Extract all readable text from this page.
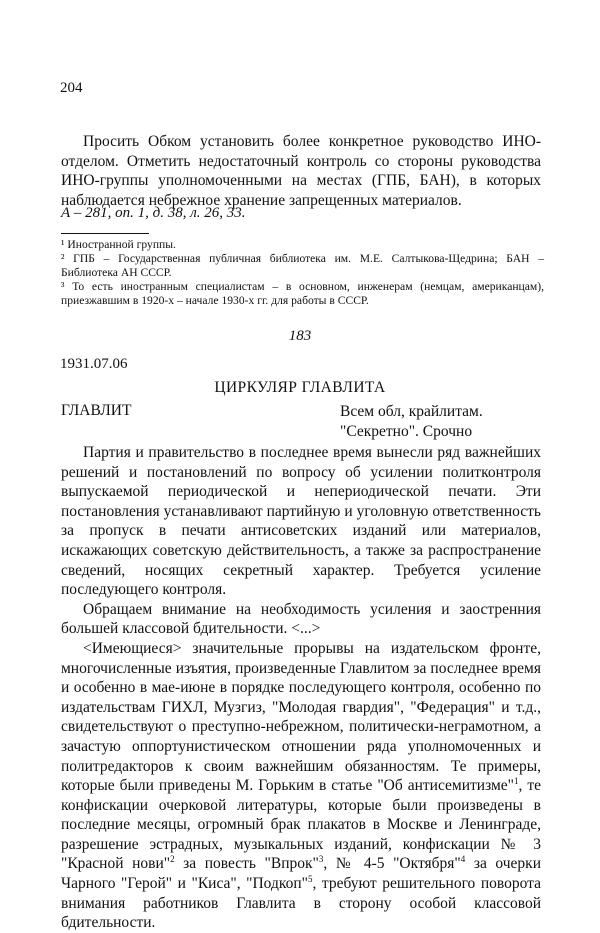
204
Просить Обком установить более конкретное руководство ИНО-отделом. Отметить недостаточный контроль со стороны руководства ИНО-группы уполномоченными на местах (ГПБ, БАН), в которых наблюдается небрежное хранение запрещенных материалов.
А – 281, оп. 1, д. 38, л. 26, 33.
¹ Иностранной группы.
² ГПБ – Государственная публичная библиотека им. М.Е. Салтыкова-Щедрина; БАН – Библиотека АН СССР.
³ То есть иностранным специалистам – в основном, инженерам (немцам, американцам), приезжавшим в 1920-х – начале 1930-х гг. для работы в СССР.
183
1931.07.06
ЦИРКУЛЯР ГЛАВЛИТА
ГЛАВЛИТ	Всем обл, крайлитам.
"Секретно". Срочно

Партия и правительство в последнее время вынесли ряд важнейших решений и постановлений по вопросу об усилении политконтроля выпускаемой периодической и непериодической печати. Эти постановления устанавливают партийную и уголовную ответственность за пропуск в печати антисоветских изданий или материалов, искажающих советскую действительность, а также за распространение сведений, носящих секретный характер. Требуется усиление последующего контроля.

Обращаем внимание на необходимость усиления и заостренния большей классовой бдительности. <...>

<Имеющиеся> значительные прорывы на издательском фронте, многочисленные изъятия, произведенные Главлитом за последнее время и особенно в мае-июне в порядке последующего контроля, особенно по издательствам ГИХЛ, Музгиз, "Молодая гвардия", "Федерация" и т.д., свидетельствуют о преступно-небрежном, политически-неграмотном, а зачастую оппортунистическом отношении ряда уполномоченных и политредакторов к своим важнейшим обязанностям. Те примеры, которые были приведены М. Горьким в статье "Об антисемитизме"$^1$, те конфискации очерковой литературы, которые были произведены в последние месяцы, огромный брак плакатов в Москве и Ленинграде, разрешение эстрадных, музыкальных изданий, конфискации № 3 "Красной нови"$^2$ за повесть "Впрок"$^3$, № 4-5 "Октября"$^4$ за очерки Чарного "Герой" и "Киса", "Подкоп"$^5$, требуют решительного поворота внимания работников Главлита в сторону особой классовой бдительности.
